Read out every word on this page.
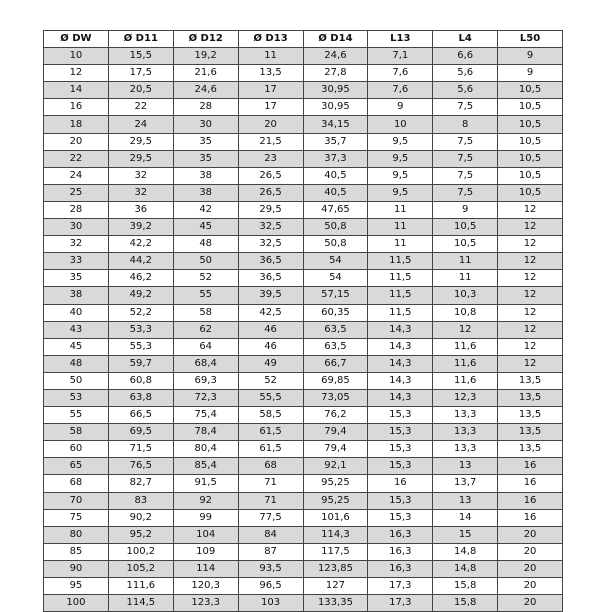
Ø DW	Ø D11	Ø D12	Ø D13	Ø D14	L13	L4	L50
10	15,5	19,2	11	24,6	7,1	6,6	9
12	17,5	21,6	13,5	27,8	7,6	5,6	9
14	20,5	24,6	17	30,95	7,6	5,6	10,5
16	22	28	17	30,95	9	7,5	10,5
18	24	30	20	34,15	10	8	10,5
20	29,5	35	21,5	35,7	9,5	7,5	10,5
22	29,5	35	23	37,3	9,5	7,5	10,5
24	32	38	26,5	40,5	9,5	7,5	10,5
25	32	38	26,5	40,5	9,5	7,5	10,5
28	36	42	29,5	47,65	11	9	12
30	39,2	45	32,5	50,8	11	10,5	12
32	42,2	48	32,5	50,8	11	10,5	12
33	44,2	50	36,5	54	11,5	11	12
35	46,2	52	36,5	54	11,5	11	12
38	49,2	55	39,5	57,15	11,5	10,3	12
40	52,2	58	42,5	60,35	11,5	10,8	12
43	53,3	62	46	63,5	14,3	12	12
45	55,3	64	46	63,5	14,3	11,6	12
48	59,7	68,4	49	66,7	14,3	11,6	12
50	60,8	69,3	52	69,85	14,3	11,6	13,5
53	63,8	72,3	55,5	73,05	14,3	12,3	13,5
55	66,5	75,4	58,5	76,2	15,3	13,3	13,5
58	69,5	78,4	61,5	79,4	15,3	13,3	13,5
60	71,5	80,4	61,5	79,4	15,3	13,3	13,5
65	76,5	85,4	68	92,1	15,3	13	16
68	82,7	91,5	71	95,25	16	13,7	16
70	83	92	71	95,25	15,3	13	16
75	90,2	99	77,5	101,6	15,3	14	16
80	95,2	104	84	114,3	16,3	15	20
85	100,2	109	87	117,5	16,3	14,8	20
90	105,2	114	93,5	123,85	16,3	14,8	20
95	111,6	120,3	96,5	127	17,3	15,8	20
100	114,5	123,3	103	133,35	17,3	15,8	20
